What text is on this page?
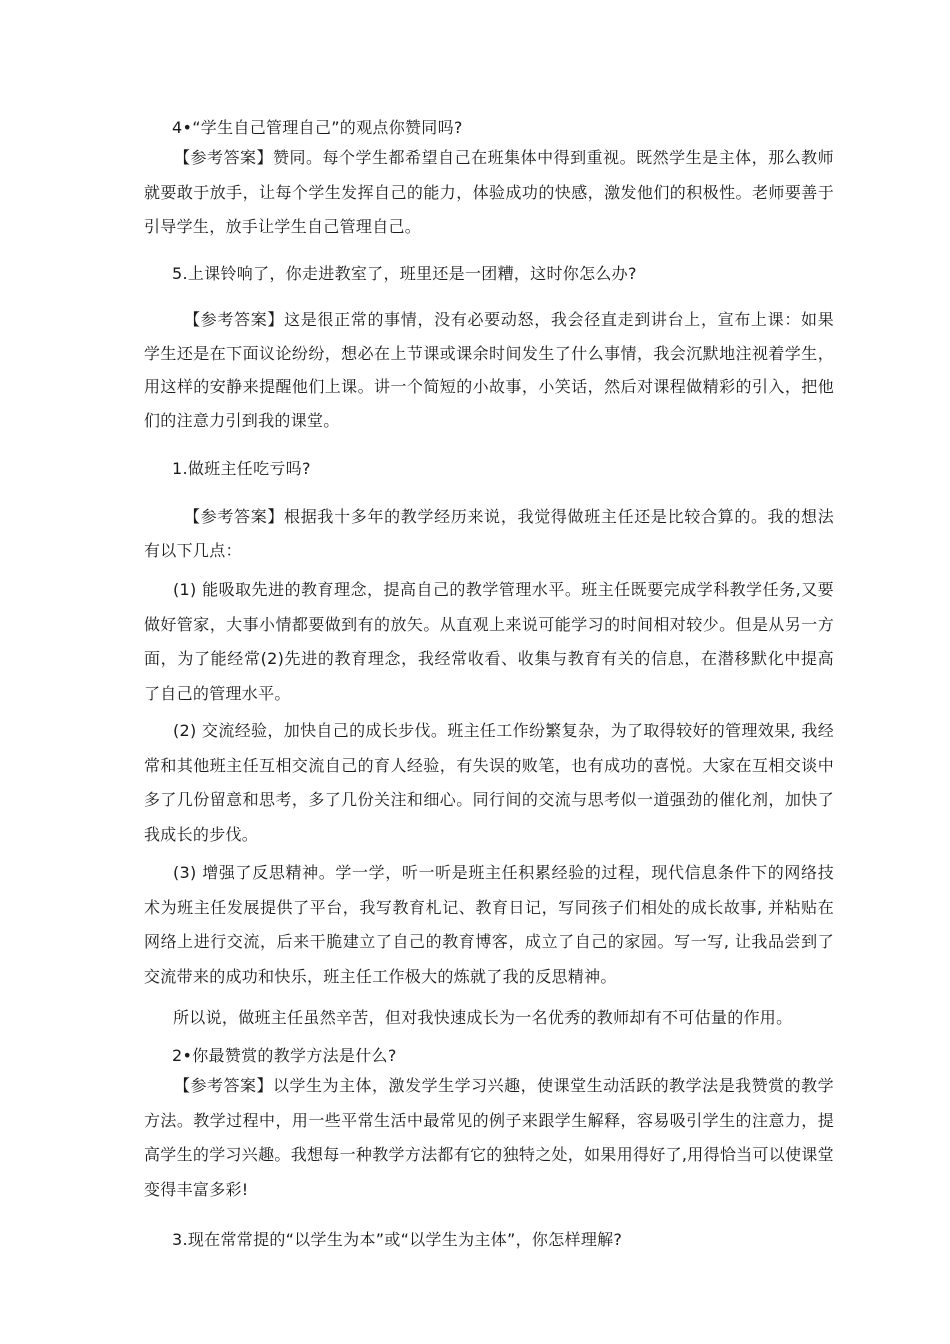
4•“学生自己管理自己”的观点你赞同吗?

【参考答案】赞同。每个学生都希望自己在班集体中得到重视。既然学生是主体，那么教师就要敢于放手，让每个学生发挥自己的能力，体验成功的快感，激发他们的积极性。老师要善于引导学生，放手让学生自己管理自己。

5.上课铃响了，你走进教室了，班里还是一团糟，这时你怎么办?

【参考答案】这是很正常的事情，没有必要动怒，我会径直走到讲台上，宣布上课：如果学生还是在下面议论纷纷，想必在上节课或课余时间发生了什么事情，我会沉默地注视着学生，用这样的安静来提醒他们上课。讲一个简短的小故事，小笑话，然后对课程做精彩的引入，把他们的注意力引到我的课堂。

1.做班主任吃亏吗?

【参考答案】根据我十多年的教学经历来说，我觉得做班主任还是比较合算的。我的想法有以下几点：

(1) 能吸取先进的教育理念，提高自己的教学管理水平。班主任既要完成学科教学任务,又要做好管家，大事小情都要做到有的放矢。从直观上来说可能学习的时间相对较少。但是从另一方面，为了能经常(2)先进的教育理念，我经常收看、收集与教育有关的信息，在潜移默化中提高了自己的管理水平。

(2) 交流经验，加快自己的成长步伐。班主任工作纷繁复杂，为了取得较好的管理效果, 我经常和其他班主任互相交流自己的育人经验，有失误的败笔，也有成功的喜悦。大家在互相交谈中多了几份留意和思考，多了几份关注和细心。同行间的交流与思考似一道强劲的催化剂，加快了我成长的步伐。

(3) 增强了反思精神。学一学，听一听是班主任积累经验的过程，现代信息条件下的网络技术为班主任发展提供了平台，我写教育札记、教育日记，写同孩子们相处的成长故事, 并粘贴在网络上进行交流，后来干脆建立了自己的教育博客，成立了自己的家园。写一写, 让我品尝到了交流带来的成功和快乐，班主任工作极大的炼就了我的反思精神。

所以说，做班主任虽然辛苦，但对我快速成长为一名优秀的教师却有不可估量的作用。

2•你最赞赏的教学方法是什么?

【参考答案】以学生为主体，激发学生学习兴趣，使课堂生动活跃的教学法是我赞赏的教学方法。教学过程中，用一些平常生活中最常见的例子来跟学生解释，容易吸引学生的注意力，提高学生的学习兴趣。我想每一种教学方法都有它的独特之处，如果用得好了,用得恰当可以使课堂变得丰富多彩!

3.现在常常提的“以学生为本”或“以学生为主体”，你怎样理解?
